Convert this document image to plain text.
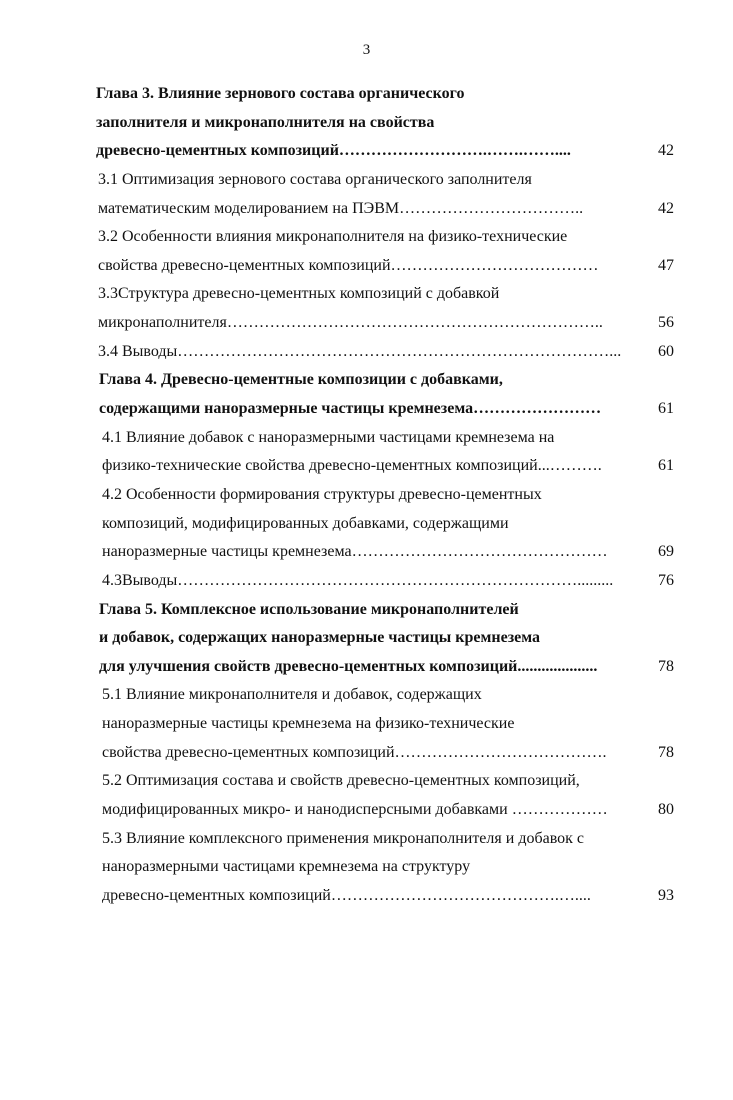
3
Глава 3. Влияние зернового состава органического
заполнителя и микронаполнителя на свойства
древесно-цементных композиций……………………….…….……....	42
3.1 Оптимизация зернового состава органического заполнителя
математическим моделированием на ПЭВМ……………………………..	42
3.2 Особенности влияния микронаполнителя на физико-технические
свойства древесно-цементных композиций…………………………………	47
3.3Структура древесно-цементных композиций с добавкой
микронаполнителя……………………………………………………………..	56
3.4 Выводы………………………………………………………………………... 60
Глава 4. Древесно-цементные композиции с добавками,
содержащими наноразмерные частицы кремнезема……………………	61
4.1 Влияние добавок с наноразмерными частицами кремнезема на
физико-технические свойства древесно-цементных композиций...……….	61
4.2 Особенности формирования структуры древесно-цементных
композиций, модифицированных добавками, содержащими
наноразмерные частицы кремнезема…………………………………………	69
4.3Выводы………………………………………………………………….........	76
Глава 5. Комплексное использование микронаполнителей
и добавок, содержащих наноразмерные частицы кремнезема
для улучшения свойств древесно-цементных композиций....................	78
5.1 Влияние микронаполнителя и добавок, содержащих
наноразмерные частицы кремнезема на физико-технические
свойства древесно-цементных композиций………………………………….	78
5.2 Оптимизация состава и свойств древесно-цементных композиций,
модифицированных микро- и нанодисперсными добавками ………………	80
5.3 Влияние комплексного применения микронаполнителя и добавок с
наноразмерными частицами кремнезема на структуру
древесно-цементных композиций…………………………………….…....	93
